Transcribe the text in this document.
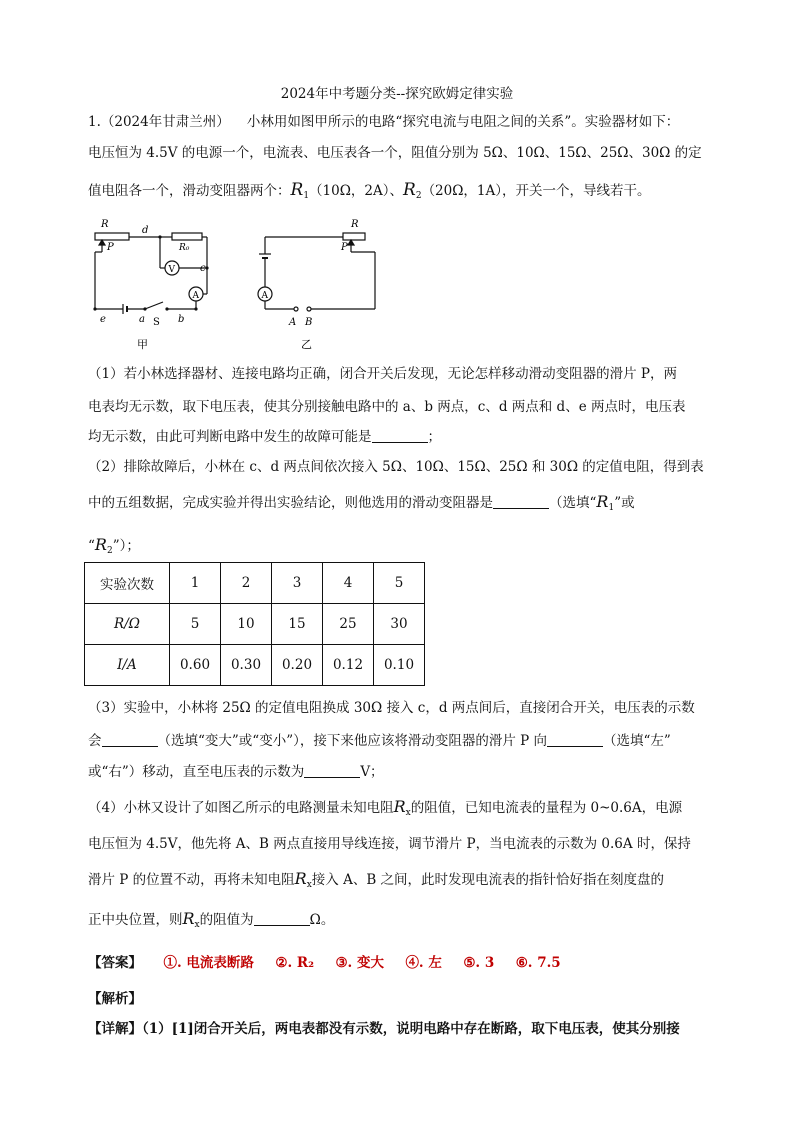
2024年中考题分类--探究欧姆定律实验
1.（2024年甘肃兰州） 小林用如图甲所示的电路“探究电流与电阻之间的关系”。实验器材如下：
电压恒为 4.5V 的电源一个，电流表、电压表各一个，阻值分别为 5Ω、10Ω、15Ω、25Ω、30Ω 的定
值电阻各一个，滑动变阻器两个：$R_1(10\Omega$，2A）、$R_2(20\Omega$，1A），开关一个，导线若干。
R
P
d
R₀
V	c
A
e	a S b
甲
R
P
A
A B
乙
（1）若小林选择器材、连接电路均正确，闭合开关后发现，无论怎样移动滑动变阻器的滑片 P，两
电表均无示数，取下电压表，使其分别接触电路中的 a、b 两点，c、d 两点和 d、e 两点时，电压表
均无示数，由此可判断电路中发生的故障可能是	；
（2）排除故障后，小林在 c、d 两点间依次接入 5Ω、10Ω、15Ω、25Ω 和 30Ω 的定值电阻，得到表
中的五组数据，完成实验并得出实验结论，则他选用的滑动变阻器是	（选填“$R_1$”或
“$R_2$”）；
实验次数	1	2	3	4	5
R/Ω	5	10	15	25	30
I/A	0.60	0.30	0.20	0.12	0.10
（3）实验中，小林将 25Ω 的定值电阻换成 30Ω 接入 c，d 两点间后，直接闭合开关，电压表的示数
会	（选填“变大”或“变小”），接下来他应该将滑动变阻器的滑片 P 向	（选填“左”
或“右”）移动，直至电压表的示数为	V；
（4）小林又设计了如图乙所示的电路测量未知电阻$R_x$的阻值，已知电流表的量程为 0~0.6A，电源
电压恒为 4.5V，他先将 A、B 两点直接用导线连接，调节滑片 P，当电流表的示数为 0.6A 时，保持
滑片 P 的位置不动，再将未知电阻$R_x$接入 A、B 之间，此时发现电流表的指针恰好指在刻度盘的
正中央位置，则$R_x$的阻值为	Ω。
【答案】 ①. 电流表断路 ②. R₂ ③. 变大 ④. 左 ⑤. 3 ⑥. 7.5
【解析】
【详解】（1）[1]闭合开关后，两电表都没有示数，说明电路中存在断路，取下电压表，使其分别接
